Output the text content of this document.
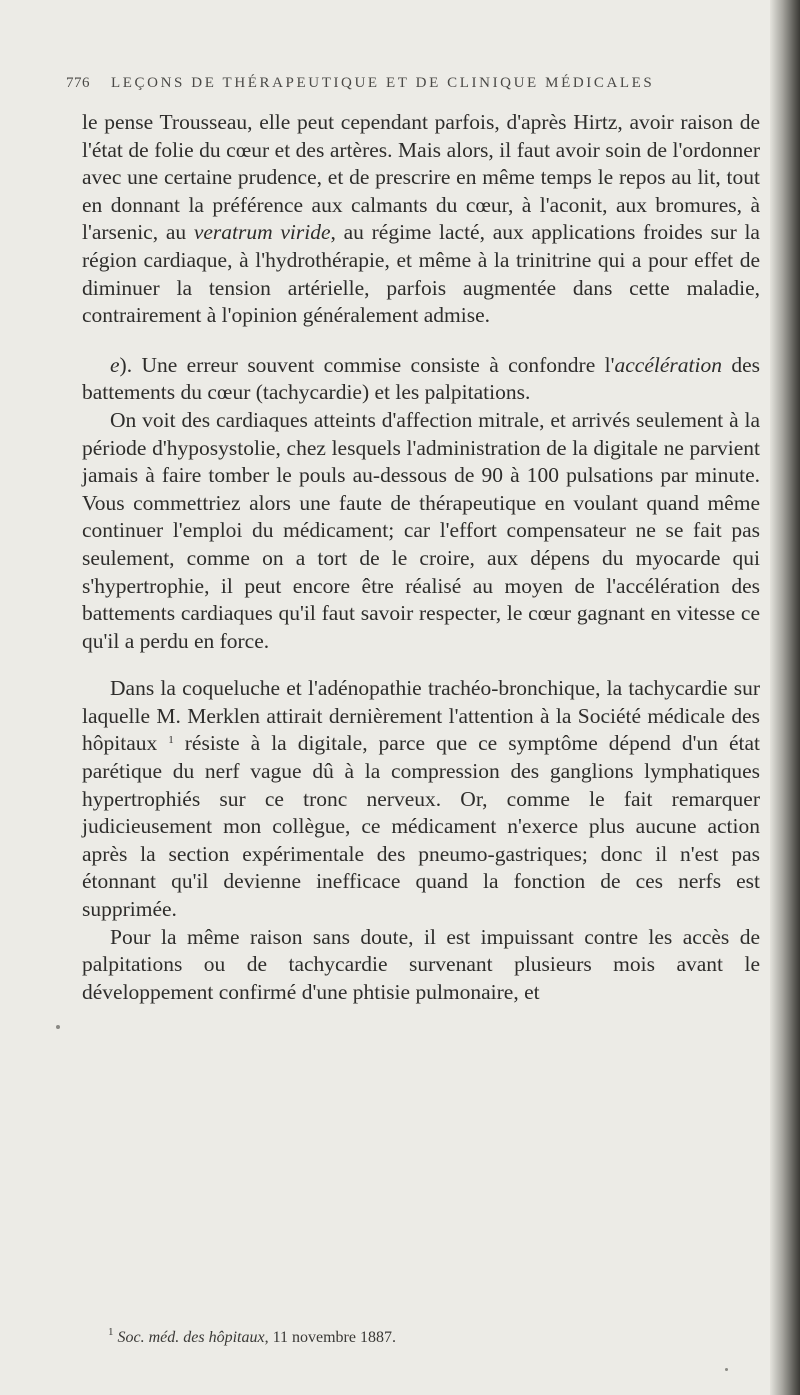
776 LEÇONS DE THÉRAPEUTIQUE ET DE CLINIQUE MÉDICALES

le pense Trousseau, elle peut cependant parfois, d'après Hirtz, avoir raison de l'état de folie du cœur et des artères. Mais alors, il faut avoir soin de l'ordonner avec une certaine prudence, et de prescrire en même temps le repos au lit, tout en donnant la préférence aux calmants du cœur, à l'aconit, aux bromures, à l'arsenic, au veratrum viride, au régime lacté, aux applications froides sur la région cardiaque, à l'hydrothérapie, et même à la trinitrine qui a pour effet de diminuer la tension artérielle, parfois augmentée dans cette maladie, contrairement à l'opinion généralement admise.

e). Une erreur souvent commise consiste à confondre l'accélération des battements du cœur (tachycardie) et les palpitations.

On voit des cardiaques atteints d'affection mitrale, et arrivés seulement à la période d'hyposystolie, chez lesquels l'administration de la digitale ne parvient jamais à faire tomber le pouls au-dessous de 90 à 100 pulsations par minute. Vous commettriez alors une faute de thérapeutique en voulant quand même continuer l'emploi du médicament; car l'effort compensateur ne se fait pas seulement, comme on a tort de le croire, aux dépens du myocarde qui s'hypertrophie, il peut encore être réalisé au moyen de l'accélération des battements cardiaques qu'il faut savoir respecter, le cœur gagnant en vitesse ce qu'il a perdu en force.

Dans la coqueluche et l'adénopathie trachéo-bronchique, la tachycardie sur laquelle M. Merklen attirait dernièrement l'attention à la Société médicale des hôpitaux $^1$ résiste à la digitale, parce que ce symptôme dépend d'un état parétique du nerf vague dû à la compression des ganglions lymphatiques hypertrophiés sur ce tronc nerveux. Or, comme le fait remarquer judicieusement mon collègue, ce médicament n'exerce plus aucune action après la section expérimentale des pneumo-gastriques; donc il n'est pas étonnant qu'il devienne inefficace quand la fonction de ces nerfs est supprimée.

Pour la même raison sans doute, il est impuissant contre les accès de palpitations ou de tachycardie survenant plusieurs mois avant le développement confirmé d'une phtisie pulmonaire, et

$^1$ Soc. méd. des hôpitaux, 11 novembre 1887.
